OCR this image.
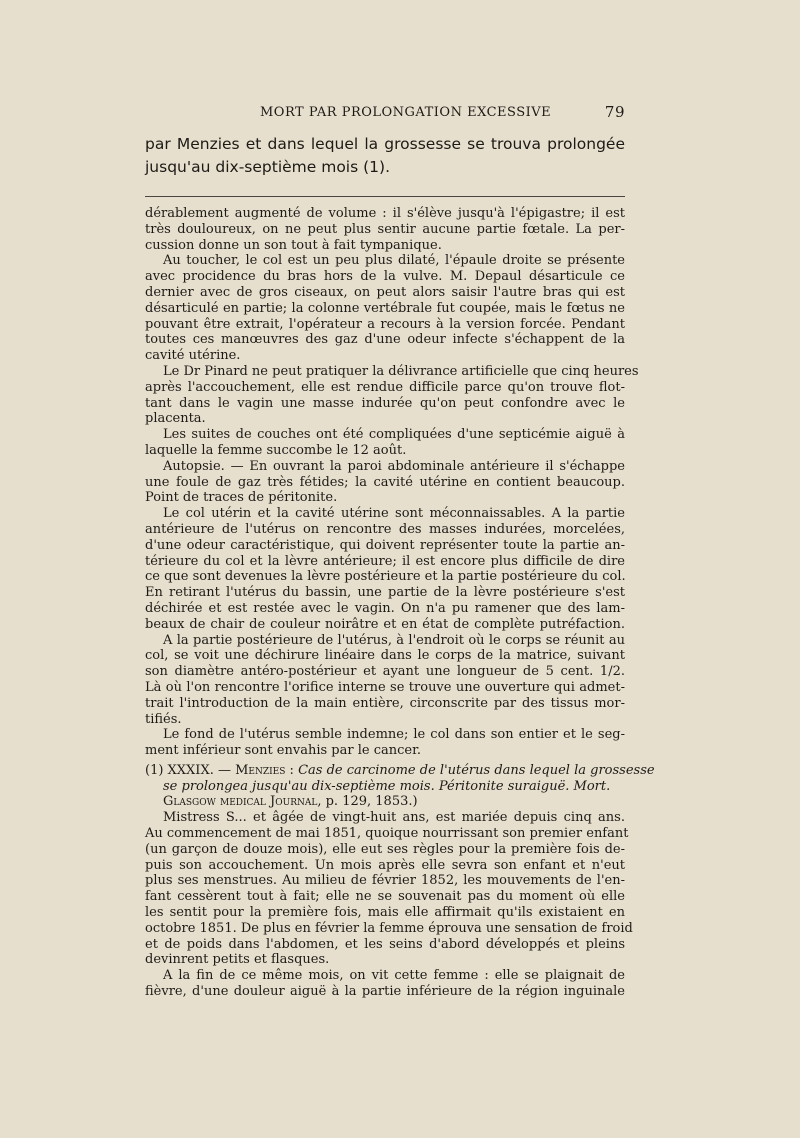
MORT PAR PROLONGATION EXCESSIVE	79
par Menzies et dans lequel la grossesse se trouva prolongée
jusqu'au dix-septième mois (1).
dérablement augmenté de volume : il s'élève jusqu'à l'épigastre; il est
très douloureux, on ne peut plus sentir aucune partie fœtale. La per-
cussion donne un son tout à fait tympanique.
Au toucher, le col est un peu plus dilaté, l'épaule droite se présente
avec procidence du bras hors de la vulve. M. Depaul désarticule ce
dernier avec de gros ciseaux, on peut alors saisir l'autre bras qui est
désarticulé en partie; la colonne vertébrale fut coupée, mais le fœtus ne
pouvant être extrait, l'opérateur a recours à la version forcée. Pendant
toutes ces manœuvres des gaz d'une odeur infecte s'échappent de la
cavité utérine.
Le Dr Pinard ne peut pratiquer la délivrance artificielle que cinq heures
après l'accouchement, elle est rendue difficile parce qu'on trouve flot-
tant dans le vagin une masse indurée qu'on peut confondre avec le
placenta.
Les suites de couches ont été compliquées d'une septicémie aiguë à
laquelle la femme succombe le 12 août.
Autopsie. — En ouvrant la paroi abdominale antérieure il s'échappe
une foule de gaz très fétides; la cavité utérine en contient beaucoup.
Point de traces de péritonite.
Le col utérin et la cavité utérine sont méconnaissables. A la partie
antérieure de l'utérus on rencontre des masses indurées, morcelées,
d'une odeur caractéristique, qui doivent représenter toute la partie an-
térieure du col et la lèvre antérieure; il est encore plus difficile de dire
ce que sont devenues la lèvre postérieure et la partie postérieure du col.
En retirant l'utérus du bassin, une partie de la lèvre postérieure s'est
déchirée et est restée avec le vagin. On n'a pu ramener que des lam-
beaux de chair de couleur noirâtre et en état de complète putréfaction.
A la partie postérieure de l'utérus, à l'endroit où le corps se réunit au
col, se voit une déchirure linéaire dans le corps de la matrice, suivant
son diamètre antéro-postérieur et ayant une longueur de 5 cent. 1/2.
Là où l'on rencontre l'orifice interne se trouve une ouverture qui admet-
trait l'introduction de la main entière, circonscrite par des tissus mor-
tifiés.
Le fond de l'utérus semble indemne; le col dans son entier et le seg-
ment inférieur sont envahis par le cancer.
(1) XXXIX. — Menzies : Cas de carcinome de l'utérus dans lequel la grossesse
se prolongea jusqu'au dix-septième mois. Péritonite suraiguë. Mort.
Glasgow medical Journal, p. 129, 1853.)
Mistress S... et âgée de vingt-huit ans, est mariée depuis cinq ans.
Au commencement de mai 1851, quoique nourrissant son premier enfant
(un garçon de douze mois), elle eut ses règles pour la première fois de-
puis son accouchement. Un mois après elle sevra son enfant et n'eut
plus ses menstrues. Au milieu de février 1852, les mouvements de l'en-
fant cessèrent tout à fait; elle ne se souvenait pas du moment où elle
les sentit pour la première fois, mais elle affirmait qu'ils existaient en
octobre 1851. De plus en février la femme éprouva une sensation de froid
et de poids dans l'abdomen, et les seins d'abord développés et pleins
devinrent petits et flasques.
A la fin de ce même mois, on vit cette femme : elle se plaignait de
fièvre, d'une douleur aiguë à la partie inférieure de la région inguinale
